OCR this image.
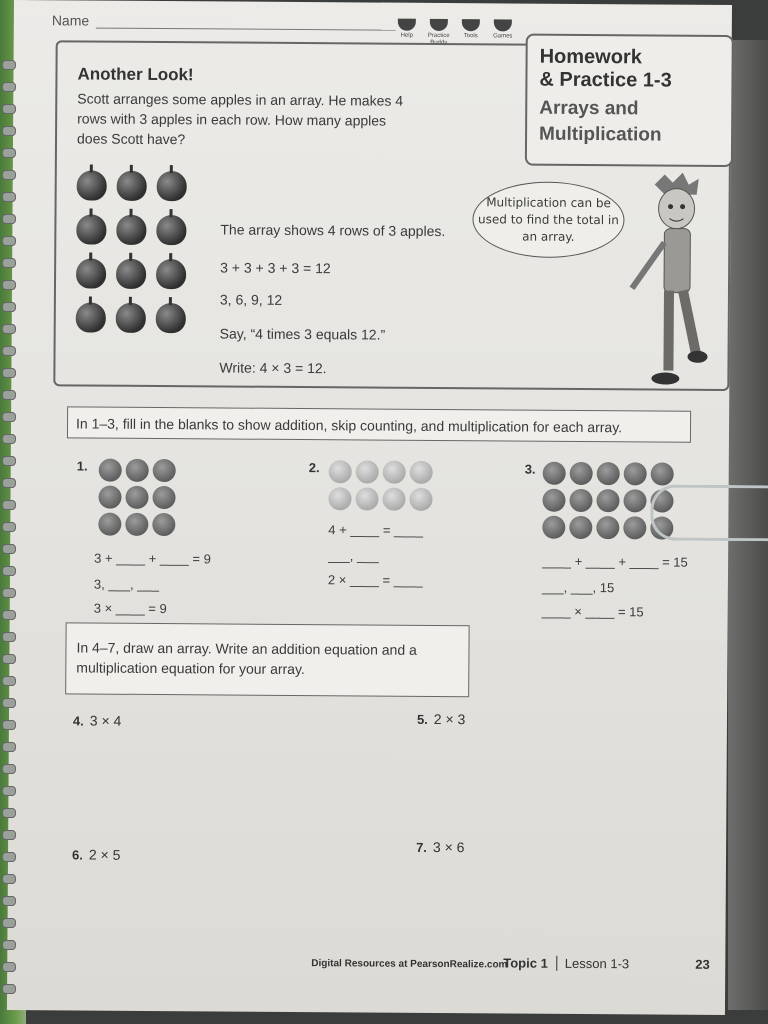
Name
Help	Practice Buddy
Tools	Games
Homework
& Practice 1-3
Arrays and
Multiplication
Another Look!
Scott arranges some apples in an array. He makes 4 rows with 3 apples in each row. How many apples does Scott have?
The array shows 4 rows of 3 apples.
3 + 3 + 3 + 3 = 12
3, 6, 9, 12
Say, “4 times 3 equals 12.”
Write: 4 × 3 = 12.
Multiplication can be used to find the total in an array.
In 1–3, fill in the blanks to show addition, skip counting, and multiplication for each array.
1.
3 + ____ + ____ = 9
3, ___, ___
3 × ____ = 9
2.
4 + ____ = ____
___, ___
2 × ____ = ____
3.
____ + ____ + ____ = 15
___, ___, 15
____ × ____ = 15
In 4–7, draw an array. Write an addition equation and a multiplication equation for your array.
4. 3 × 4	5. 2 × 3
6. 2 × 5	7. 3 × 6
Digital Resources at PearsonRealize.com
Topic 1 Lesson 1-3	23
